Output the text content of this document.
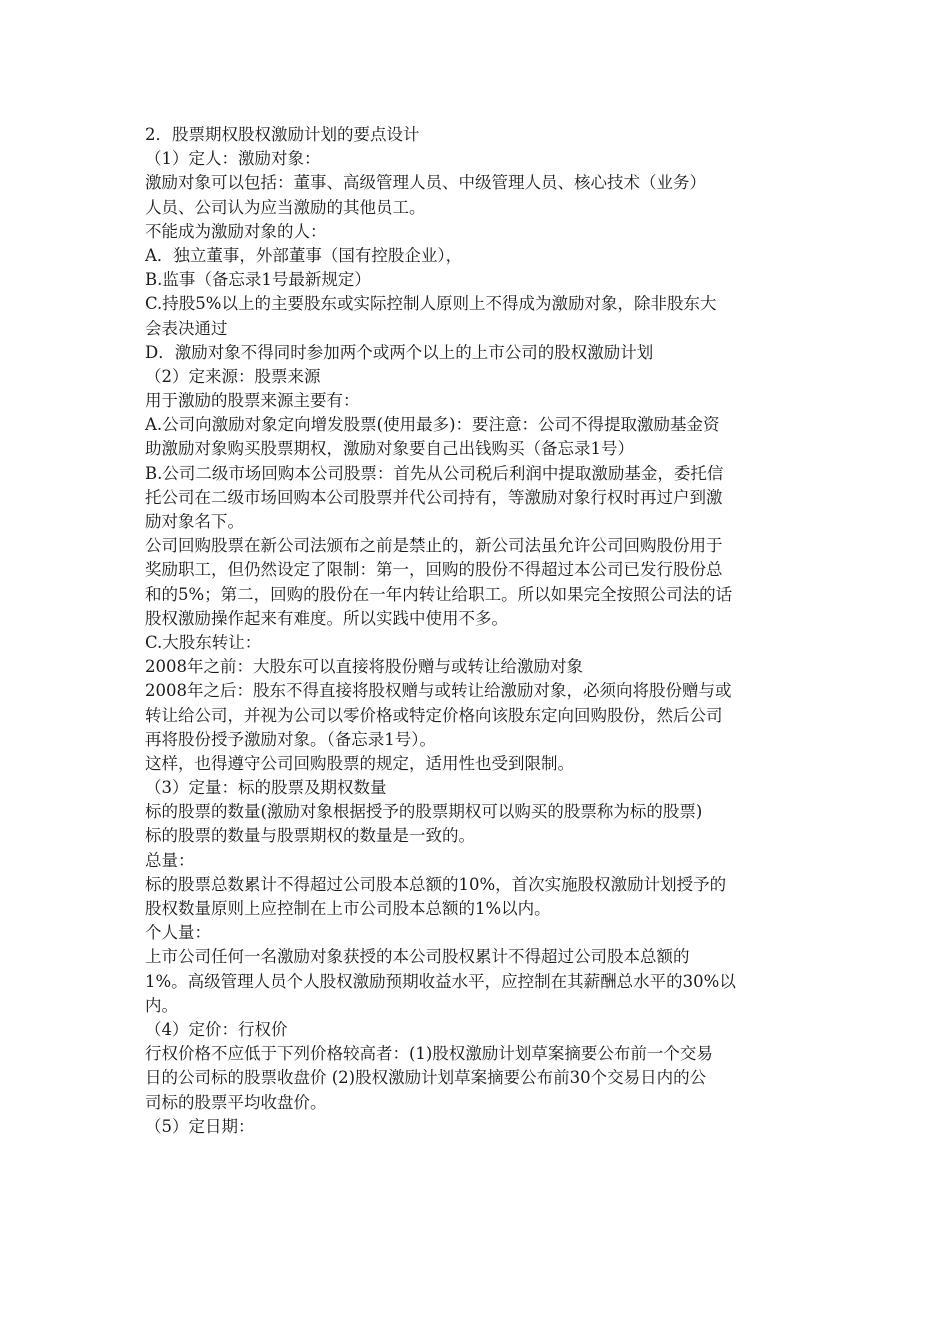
2．股票期权股权激励计划的要点设计
（1）定人：激励对象：
激励对象可以包括：董事、高级管理人员、中级管理人员、核心技术（业务）
人员、公司认为应当激励的其他员工。
不能成为激励对象的人：
A．独立董事，外部董事（国有控股企业），
B.监事（备忘录1号最新规定）
C.持股5%以上的主要股东或实际控制人原则上不得成为激励对象，除非股东大
会表决通过
D．激励对象不得同时参加两个或两个以上的上市公司的股权激励计划
（2）定来源：股票来源
用于激励的股票来源主要有：
A.公司向激励对象定向增发股票(使用最多)：要注意：公司不得提取激励基金资
助激励对象购买股票期权，激励对象要自己出钱购买（备忘录1号）
B.公司二级市场回购本公司股票：首先从公司税后利润中提取激励基金，委托信
托公司在二级市场回购本公司股票并代公司持有，等激励对象行权时再过户到激
励对象名下。
公司回购股票在新公司法颁布之前是禁止的，新公司法虽允许公司回购股份用于
奖励职工，但仍然设定了限制：第一，回购的股份不得超过本公司已发行股份总
和的5%；第二，回购的股份在一年内转让给职工。所以如果完全按照公司法的话
股权激励操作起来有难度。所以实践中使用不多。
C.大股东转让：
2008年之前：大股东可以直接将股份赠与或转让给激励对象
2008年之后：股东不得直接将股权赠与或转让给激励对象，必须向将股份赠与或
转让给公司，并视为公司以零价格或特定价格向该股东定向回购股份，然后公司
再将股份授予激励对象。（备忘录1号）。
这样，也得遵守公司回购股票的规定，适用性也受到限制。
（3）定量：标的股票及期权数量
标的股票的数量(激励对象根据授予的股票期权可以购买的股票称为标的股票)
标的股票的数量与股票期权的数量是一致的。
总量：
标的股票总数累计不得超过公司股本总额的10%，首次实施股权激励计划授予的
股权数量原则上应控制在上市公司股本总额的1%以内。
个人量：
上市公司任何一名激励对象获授的本公司股权累计不得超过公司股本总额的
1%。高级管理人员个人股权激励预期收益水平，应控制在其薪酬总水平的30%以
内。
（4）定价：行权价
行权价格不应低于下列价格较高者：(1)股权激励计划草案摘要公布前一个交易
日的公司标的股票收盘价 (2)股权激励计划草案摘要公布前30个交易日内的公
司标的股票平均收盘价。
（5）定日期：
